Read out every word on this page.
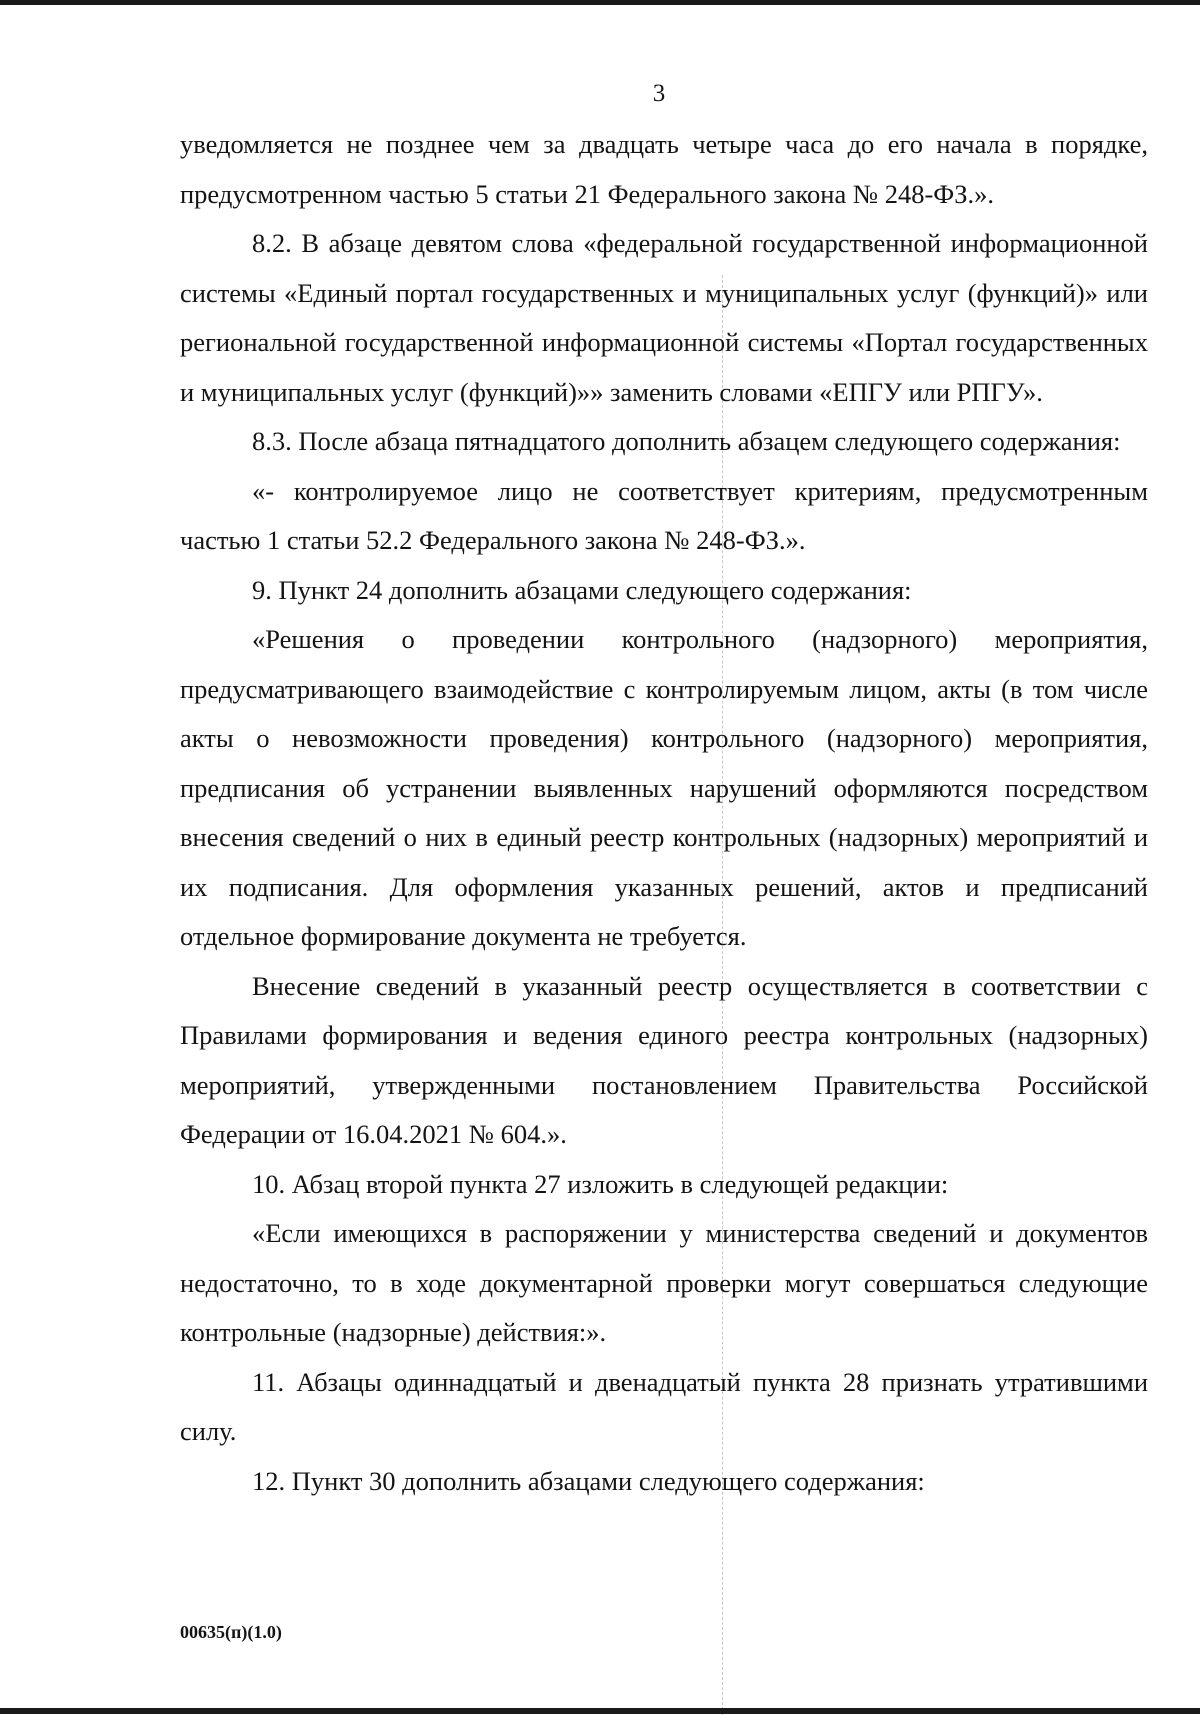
3

уведомляется не позднее чем за двадцать четыре часа до его начала в порядке, предусмотренном частью 5 статьи 21 Федерального закона № 248-ФЗ.».

8.2. В абзаце девятом слова «федеральной государственной информационной системы «Единый портал государственных и муниципальных услуг (функций)» или региональной государственной информационной системы «Портал государственных и муниципальных услуг (функций)»» заменить словами «ЕПГУ или РПГУ».

8.3. После абзаца пятнадцатого дополнить абзацем следующего содержания:

«- контролируемое лицо не соответствует критериям, предусмотренным частью 1 статьи 52.2 Федерального закона № 248-ФЗ.».

9. Пункт 24 дополнить абзацами следующего содержания:

«Решения о проведении контрольного (надзорного) мероприятия, предусматривающего взаимодействие с контролируемым лицом, акты (в том числе акты о невозможности проведения) контрольного (надзорного) мероприятия, предписания об устранении выявленных нарушений оформляются посредством внесения сведений о них в единый реестр контрольных (надзорных) мероприятий и их подписания. Для оформления указанных решений, актов и предписаний отдельное формирование документа не требуется.

Внесение сведений в указанный реестр осуществляется в соответствии с Правилами формирования и ведения единого реестра контрольных (надзорных) мероприятий, утвержденными постановлением Правительства Российской Федерации от 16.04.2021 № 604.».

10. Абзац второй пункта 27 изложить в следующей редакции:

«Если имеющихся в распоряжении у министерства сведений и документов недостаточно, то в ходе документарной проверки могут совершаться следующие контрольные (надзорные) действия:».

11. Абзацы одиннадцатый и двенадцатый пункта 28 признать утратившими силу.

12. Пункт 30 дополнить абзацами следующего содержания:

00635(п)(1.0)
